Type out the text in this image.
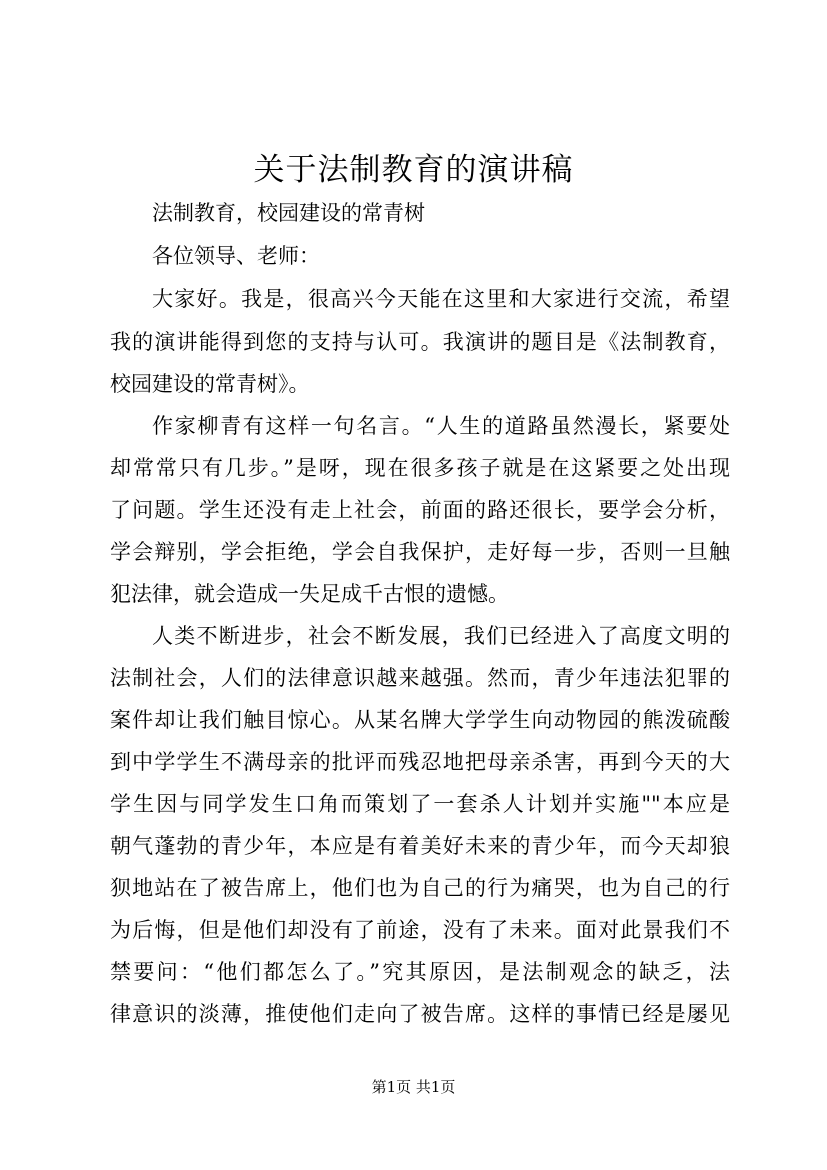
关于法制教育的演讲稿
法制教育，校园建设的常青树
各位领导、老师：
大家好。我是，很高兴今天能在这里和大家进行交流，希望
我的演讲能得到您的支持与认可。我演讲的题目是《法制教育，
校园建设的常青树》。
作家柳青有这样一句名言。“人生的道路虽然漫长，紧要处
却常常只有几步。”是呀，现在很多孩子就是在这紧要之处出现
了问题。学生还没有走上社会，前面的路还很长，要学会分析，
学会辩别，学会拒绝，学会自我保护，走好每一步，否则一旦触
犯法律，就会造成一失足成千古恨的遗憾。
人类不断进步，社会不断发展，我们已经进入了高度文明的
法制社会，人们的法律意识越来越强。然而，青少年违法犯罪的
案件却让我们触目惊心。从某名牌大学学生向动物园的熊泼硫酸
到中学学生不满母亲的批评而残忍地把母亲杀害，再到今天的大
学生因与同学发生口角而策划了一套杀人计划并实施""本应是
朝气蓬勃的青少年，本应是有着美好未来的青少年，而今天却狼
狈地站在了被告席上，他们也为自己的行为痛哭，也为自己的行
为后悔，但是他们却没有了前途，没有了未来。面对此景我们不
禁要问：“他们都怎么了。”究其原因，是法制观念的缺乏，法
律意识的淡薄，推使他们走向了被告席。这样的事情已经是屡见
第1页 共1页
